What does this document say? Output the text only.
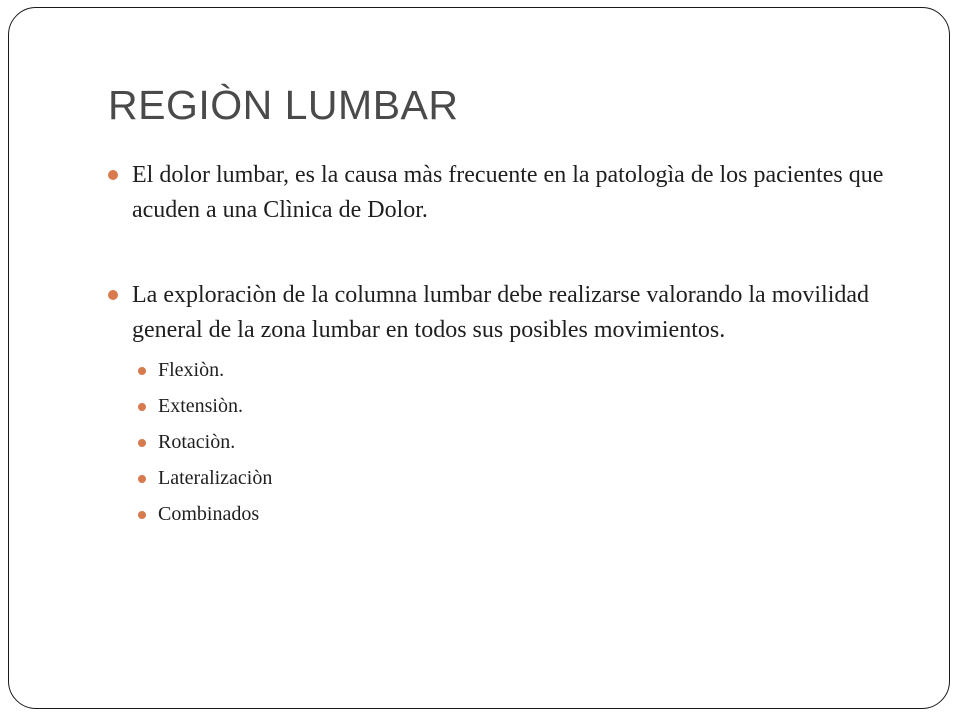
REGIÒN LUMBAR
El dolor lumbar, es la causa màs frecuente en la patologìa de los pacientes que acuden a una Clìnica de Dolor.
La exploraciòn de la columna lumbar debe realizarse valorando la movilidad general de la zona lumbar en todos sus posibles movimientos.
Flexiòn.
Extensiòn.
Rotaciòn.
Lateralizaciòn
Combinados
